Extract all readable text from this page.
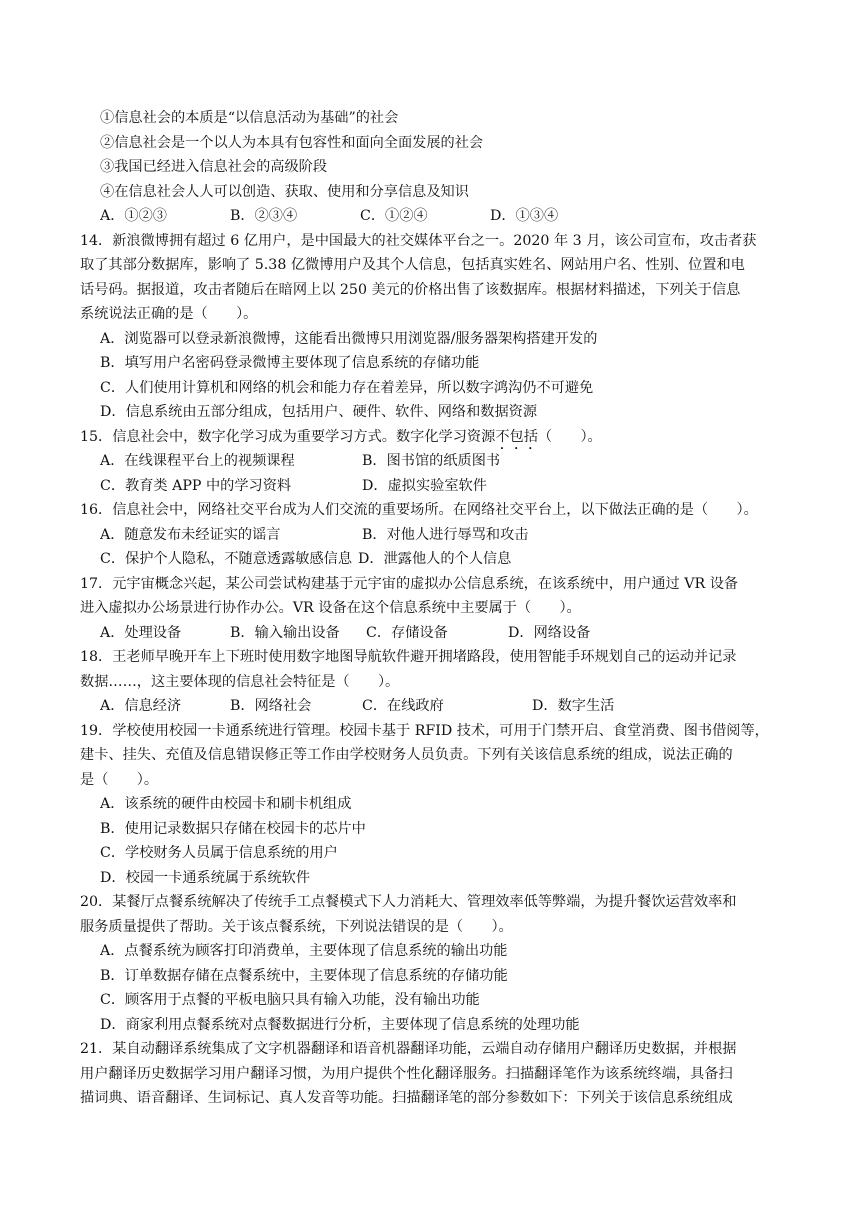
①信息社会的本质是“以信息活动为基础”的社会
②信息社会是一个以人为本具有包容性和面向全面发展的社会
③我国已经进入信息社会的高级阶段
④在信息社会人人可以创造、获取、使用和分享信息及知识
A．①②③	B．②③④	C．①②④	D．①③④
14．新浪微博拥有超过 6 亿用户，是中国最大的社交媒体平台之一。2020 年 3 月，该公司宣布，攻击者获
取了其部分数据库，影响了 5.38 亿微博用户及其个人信息，包括真实姓名、网站用户名、性别、位置和电
话号码。据报道，攻击者随后在暗网上以 250 美元的价格出售了该数据库。根据材料描述，下列关于信息
系统说法正确的是（　　）。
A．浏览器可以登录新浪微博，这能看出微博只用浏览器/服务器架构搭建开发的
B．填写用户名密码登录微博主要体现了信息系统的存储功能
C．人们使用计算机和网络的机会和能力存在着差异，所以数字鸿沟仍不可避免
D．信息系统由五部分组成，包括用户、硬件、软件、网络和数据资源
15．信息社会中，数字化学习成为重要学习方式。数字化学习资源不包括（　　）。
A．在线课程平台上的视频课程	B．图书馆的纸质图书
C．教育类 APP 中的学习资料	D．虚拟实验室软件
16．信息社会中，网络社交平台成为人们交流的重要场所。在网络社交平台上，以下做法正确的是（　　）。
A．随意发布未经证实的谣言	B．对他人进行辱骂和攻击
C．保护个人隐私，不随意透露敏感信息 D．泄露他人的个人信息
17．元宇宙概念兴起，某公司尝试构建基于元宇宙的虚拟办公信息系统，在该系统中，用户通过 VR 设备
进入虚拟办公场景进行协作办公。VR 设备在这个信息系统中主要属于（　　）。
A．处理设备	B．输入输出设备	C．存储设备	D．网络设备
18．王老师早晚开车上下班时使用数字地图导航软件避开拥堵路段，使用智能手环规划自己的运动并记录
数据……，这主要体现的信息社会特征是（　　）。
A．信息经济	B．网络社会	C．在线政府	D．数字生活
19．学校使用校园一卡通系统进行管理。校园卡基于 RFID 技术，可用于门禁开启、食堂消费、图书借阅等，
建卡、挂失、充值及信息错误修正等工作由学校财务人员负责。下列有关该信息系统的组成，说法正确的
是（　　）。
A．该系统的硬件由校园卡和刷卡机组成
B．使用记录数据只存储在校园卡的芯片中
C．学校财务人员属于信息系统的用户
D．校园一卡通系统属于系统软件
20．某餐厅点餐系统解决了传统手工点餐模式下人力消耗大、管理效率低等弊端，为提升餐饮运营效率和
服务质量提供了帮助。关于该点餐系统，下列说法错误的是（　　）。
A．点餐系统为顾客打印消费单，主要体现了信息系统的输出功能
B．订单数据存储在点餐系统中，主要体现了信息系统的存储功能
C．顾客用于点餐的平板电脑只具有输入功能，没有输出功能
D．商家利用点餐系统对点餐数据进行分析，主要体现了信息系统的处理功能
21．某自动翻译系统集成了文字机器翻译和语音机器翻译功能，云端自动存储用户翻译历史数据，并根据
用户翻译历史数据学习用户翻译习惯，为用户提供个性化翻译服务。扫描翻译笔作为该系统终端，具备扫
描词典、语音翻译、生词标记、真人发音等功能。扫描翻译笔的部分参数如下：下列关于该信息系统组成
